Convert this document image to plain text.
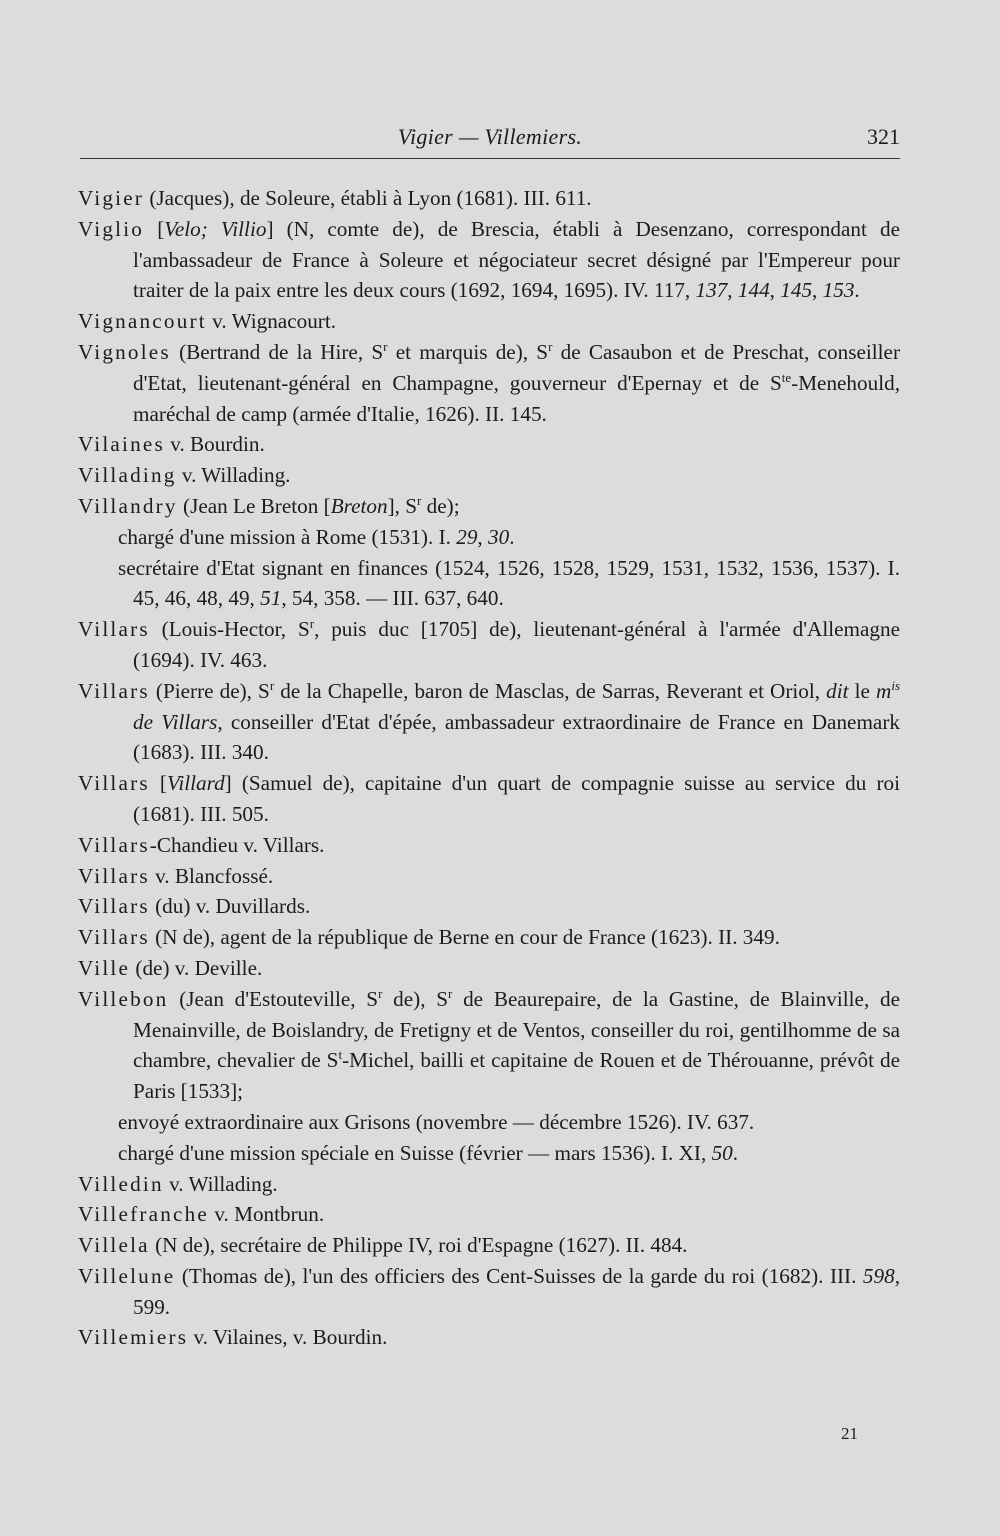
Vigier — Villemiers.	321
Vigier (Jacques), de Soleure, établi à Lyon (1681). III. 611.
Viglio [Velo; Villio] (N, comte de), de Brescia, établi à Desenzano, correspondant de l'ambassadeur de France à Soleure et négociateur secret désigné par l'Empereur pour traiter de la paix entre les deux cours (1692, 1694, 1695). IV. 117, 137, 144, 145, 153.
Vignancourt v. Wignacourt.
Vignoles (Bertrand de la Hire, $S^r$ et marquis de), $S^r$ de Casaubon et de Preschat, conseiller d'Etat, lieutenant-général en Champagne, gouverneur d'Epernay et de $S^{te}$-Menehould, maréchal de camp (armée d'Italie, 1626). II. 145.
Vilaines v. Bourdin.
Villading v. Willading.
Villandry (Jean Le Breton [Breton], $S^r$ de);
chargé d'une mission à Rome (1531). I. 29, 30.
secrétaire d'Etat signant en finances (1524, 1526, 1528, 1529, 1531, 1532, 1536, 1537). I. 45, 46, 48, 49, 51, 54, 358. — III. 637, 640.
Villars (Louis-Hector, $S^r$, puis duc [1705] de), lieutenant-général à l'armée d'Allemagne (1694). IV. 463.
Villars (Pierre de), $S^r$ de la Chapelle, baron de Masclas, de Sarras, Reverant et Oriol, dit le $m^{is}$ de Villars, conseiller d'Etat d'épée, ambassadeur extraordinaire de France en Danemark (1683). III. 340.
Villars [Villard] (Samuel de), capitaine d'un quart de compagnie suisse au service du roi (1681). III. 505.
Villars-Chandieu v. Villars.
Villars v. Blancfossé.
Villars (du) v. Duvillards.
Villars (N de), agent de la république de Berne en cour de France (1623). II. 349.
Ville (de) v. Deville.
Villebon (Jean d'Estouteville, $S^r$ de), $S^r$ de Beaurepaire, de la Gastine, de Blainville, de Menainville, de Boislandry, de Fretigny et de Ventos, conseiller du roi, gentilhomme de sa chambre, chevalier de $S^t$-Michel, bailli et capitaine de Rouen et de Thérouanne, prévôt de Paris [1533];
envoyé extraordinaire aux Grisons (novembre — décembre 1526). IV. 637.
chargé d'une mission spéciale en Suisse (février — mars 1536). I. XI, 50.
Villedin v. Willading.
Villefranche v. Montbrun.
Villela (N de), secrétaire de Philippe IV, roi d'Espagne (1627). II. 484.
Villelune (Thomas de), l'un des officiers des Cent-Suisses de la garde du roi (1682). III. 598, 599.
Villemiers v. Vilaines, v. Bourdin.
21
